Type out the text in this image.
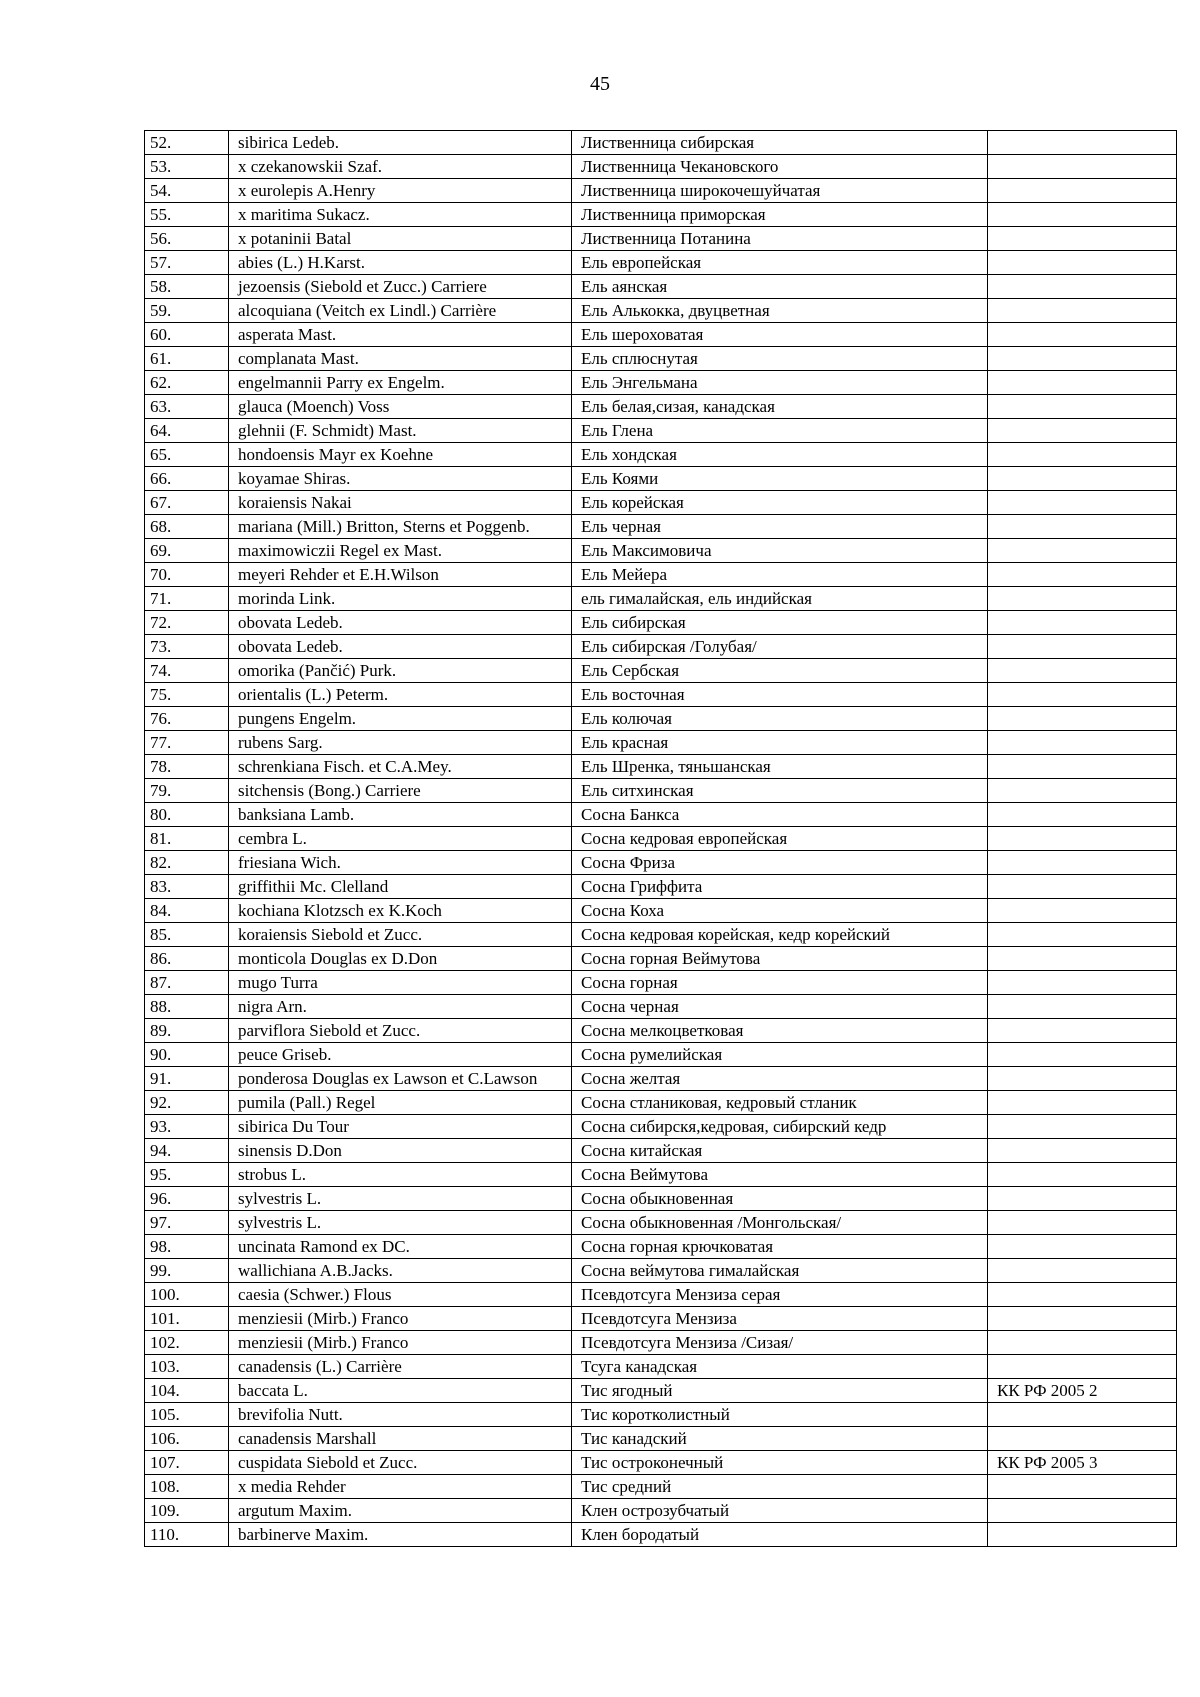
45
52.	sibirica Ledeb.	Лиственница сибирская	
53.	x czekanowskii Szaf.	Лиственница Чекановского	
54.	x eurolepis A.Henry	Лиственница широкочешуйчатая	
55.	x maritima Sukacz.	Лиственница приморская	
56.	x potaninii Batal	Лиственница Потанина	
57.	abies (L.) H.Karst.	Ель европейская	
58.	jezoensis (Siebold et Zucc.) Carriere	Ель аянская	
59.	alcoquiana (Veitch ex Lindl.) Carrière	Ель Алькокка, двуцветная	
60.	asperata Mast.	Ель шероховатая	
61.	complanata Mast.	Ель сплюснутая	
62.	engelmannii Parry ex Engelm.	Ель Энгельмана	
63.	glauca (Moench) Voss	Ель белая,сизая, канадская	
64.	glehnii (F. Schmidt) Mast.	Ель Глена	
65.	hondoensis Mayr ex Koehne	Ель хондская	
66.	koyamae Shiras.	Ель Коями	
67.	koraiensis Nakai	Ель корейская	
68.	mariana (Mill.) Britton, Sterns et Poggenb.	Ель черная	
69.	maximowiczii Regel ex Mast.	Ель Максимовича	
70.	meyeri Rehder et E.H.Wilson	Ель Мейера	
71.	morinda Link.	ель гималайская, ель индийская	
72.	obovata Ledeb.	Ель сибирская	
73.	obovata Ledeb.	Ель сибирская /Голубая/	
74.	omorika (Pančić) Purk.	Ель Сербская	
75.	orientalis (L.) Peterm.	Ель восточная	
76.	pungens Engelm.	Ель колючая	
77.	rubens Sarg.	Ель красная	
78.	schrenkiana Fisch. et C.A.Mey.	Ель Шренка, тяньшанская	
79.	sitchensis (Bong.) Carriere	Ель ситхинская	
80.	banksiana Lamb.	Сосна Банкса	
81.	cembra L.	Сосна кедровая европейская	
82.	friesiana Wich.	Сосна Фриза	
83.	griffithii Mc. Clelland	Сосна Гриффита	
84.	kochiana Klotzsch ex K.Koch	Сосна Коха	
85.	koraiensis Siebold et Zucc.	Сосна кедровая корейская, кедр корейский	
86.	monticola Douglas ex D.Don	Сосна горная Веймутова	
87.	mugo Turra	Сосна горная	
88.	nigra Arn.	Сосна черная	
89.	parviflora Siebold et Zucc.	Сосна мелкоцветковая	
90.	peuce Griseb.	Сосна румелийская	
91.	ponderosa Douglas ex Lawson et C.Lawson	Сосна желтая	
92.	pumila (Pall.) Regel	Сосна стланиковая, кедровый стланик	
93.	sibirica Du Tour	Сосна сибирскя,кедровая, сибирский кедр	
94.	sinensis D.Don	Сосна китайская	
95.	strobus L.	Сосна Веймутова	
96.	sylvestris L.	Сосна обыкновенная	
97.	sylvestris L.	Сосна обыкновенная /Монгольская/	
98.	uncinata Ramond ex DC.	Сосна горная крючковатая	
99.	wallichiana A.B.Jacks.	Сосна веймутова гималайская	
100.	caesia (Schwer.) Flous	Псевдотсуга Мензиза серая	
101.	menziesii (Mirb.) Franco	Псевдотсуга Мензиза	
102.	menziesii (Mirb.) Franco	Псевдотсуга Мензиза /Сизая/	
103.	canadensis (L.) Carrière	Тсуга канадская	
104.	baccata L.	Тис ягодный	КК РФ 2005 2
105.	brevifolia Nutt.	Тис коротколистный	
106.	canadensis Marshall	Тис канадский	
107.	cuspidata Siebold et Zucc.	Тис остроконечный	КК РФ 2005 3
108.	x media Rehder	Тис средний	
109.	argutum Maxim.	Клен острозубчатый	
110.	barbinerve Maxim.	Клен бородатый	
